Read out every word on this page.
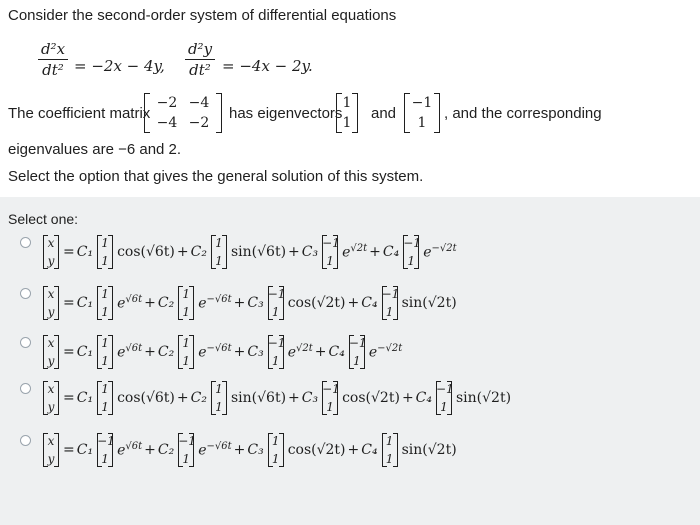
Consider the second-order system of differential equations
d²x
dt² = −2x − 4y,
d²y
dt² = −4x − 2y.
The coefficient matrix
−2
−4
−4
−2
has eigenvectors
1
1
and
−1
1
, and the corresponding
eigenvalues are −6 and 2.
Select the option that gives the general solution of this system.
Select one:
x
y
= C₁
1
1
cos(√6t) + C₂
1
1
sin(√6t) + C₃
−1
1
$e^{√2t} + C_4$
−1
1
$e^{-√2t}$
x
y
= C₁
1
1
$e^{√6t} + C_2$
1
1
$e^{-√6t} + C_3$
−1
1
cos(√2t) + C₄
−1
1
sin(√2t)
x
y
= C₁
1
1
$e^{√6t} + C_2$
1
1
$e^{-√6t} + C_3$
−1
1
$e^{√2t} + C_4$
−1
1
$e^{-√2t}$
x
y
= C₁
1
1
cos(√6t) + C₂
1
1
sin(√6t) + C₃
−1
1
cos(√2t) + C₄
−1
1
sin(√2t)
x
y
= C₁
−1
1
$e^{√6t} + C_2$
−1
1
$e^{-√6t} + C_3$
1
1
cos(√2t) + C₄
1
1
sin(√2t)
